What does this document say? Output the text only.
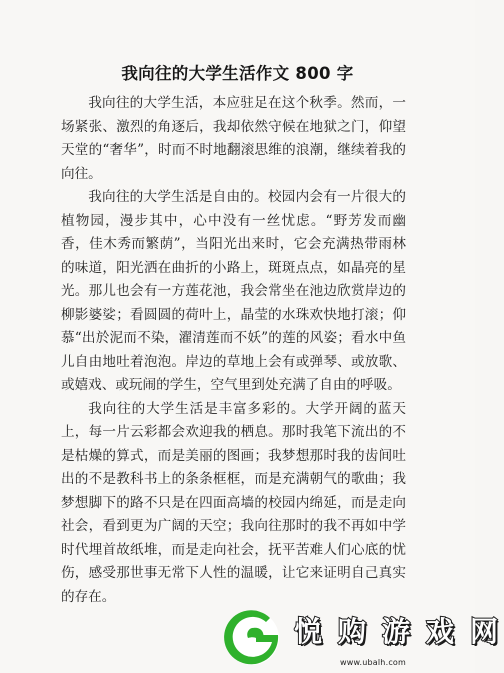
我向往的大学生活作文 800 字

我向往的大学生活，本应驻足在这个秋季。然而，一场紧张、激烈的角逐后，我却依然守候在地狱之门，仰望天堂的“奢华”，时而不时地翻滚思维的浪潮，继续着我的向往。

我向往的大学生活是自由的。校园内会有一片很大的植物园，漫步其中，心中没有一丝忧虑。“野芳发而幽香，佳木秀而繁荫”，当阳光出来时，它会充满热带雨林的味道，阳光洒在曲折的小路上，斑斑点点，如晶亮的星光。那儿也会有一方莲花池，我会常坐在池边欣赏岸边的柳影婆娑；看圆圆的荷叶上，晶莹的水珠欢快地打滚；仰慕“出於泥而不染，濯清莲而不妖”的莲的风姿；看水中鱼儿自由地吐着泡泡。岸边的草地上会有或弹琴、或放歌、或嬉戏、或玩闹的学生，空气里到处充满了自由的呼吸。

我向往的大学生活是丰富多彩的。大学开阔的蓝天上，每一片云彩都会欢迎我的栖息。那时我笔下流出的不是枯燥的算式，而是美丽的图画；我梦想那时我的齿间吐出的不是教科书上的条条框框，而是充满朝气的歌曲；我梦想脚下的路不只是在四面高墙的校园内绵延，而是走向社会，看到更为广阔的天空；我向往那时的我不再如中学时代埋首故纸堆，而是走向社会，抚平苦难人们心底的忧伤，感受那世事无常下人性的温暖，让它来证明自己真实的存在。

悦 购 游 戏 网
www.ubalh.com
